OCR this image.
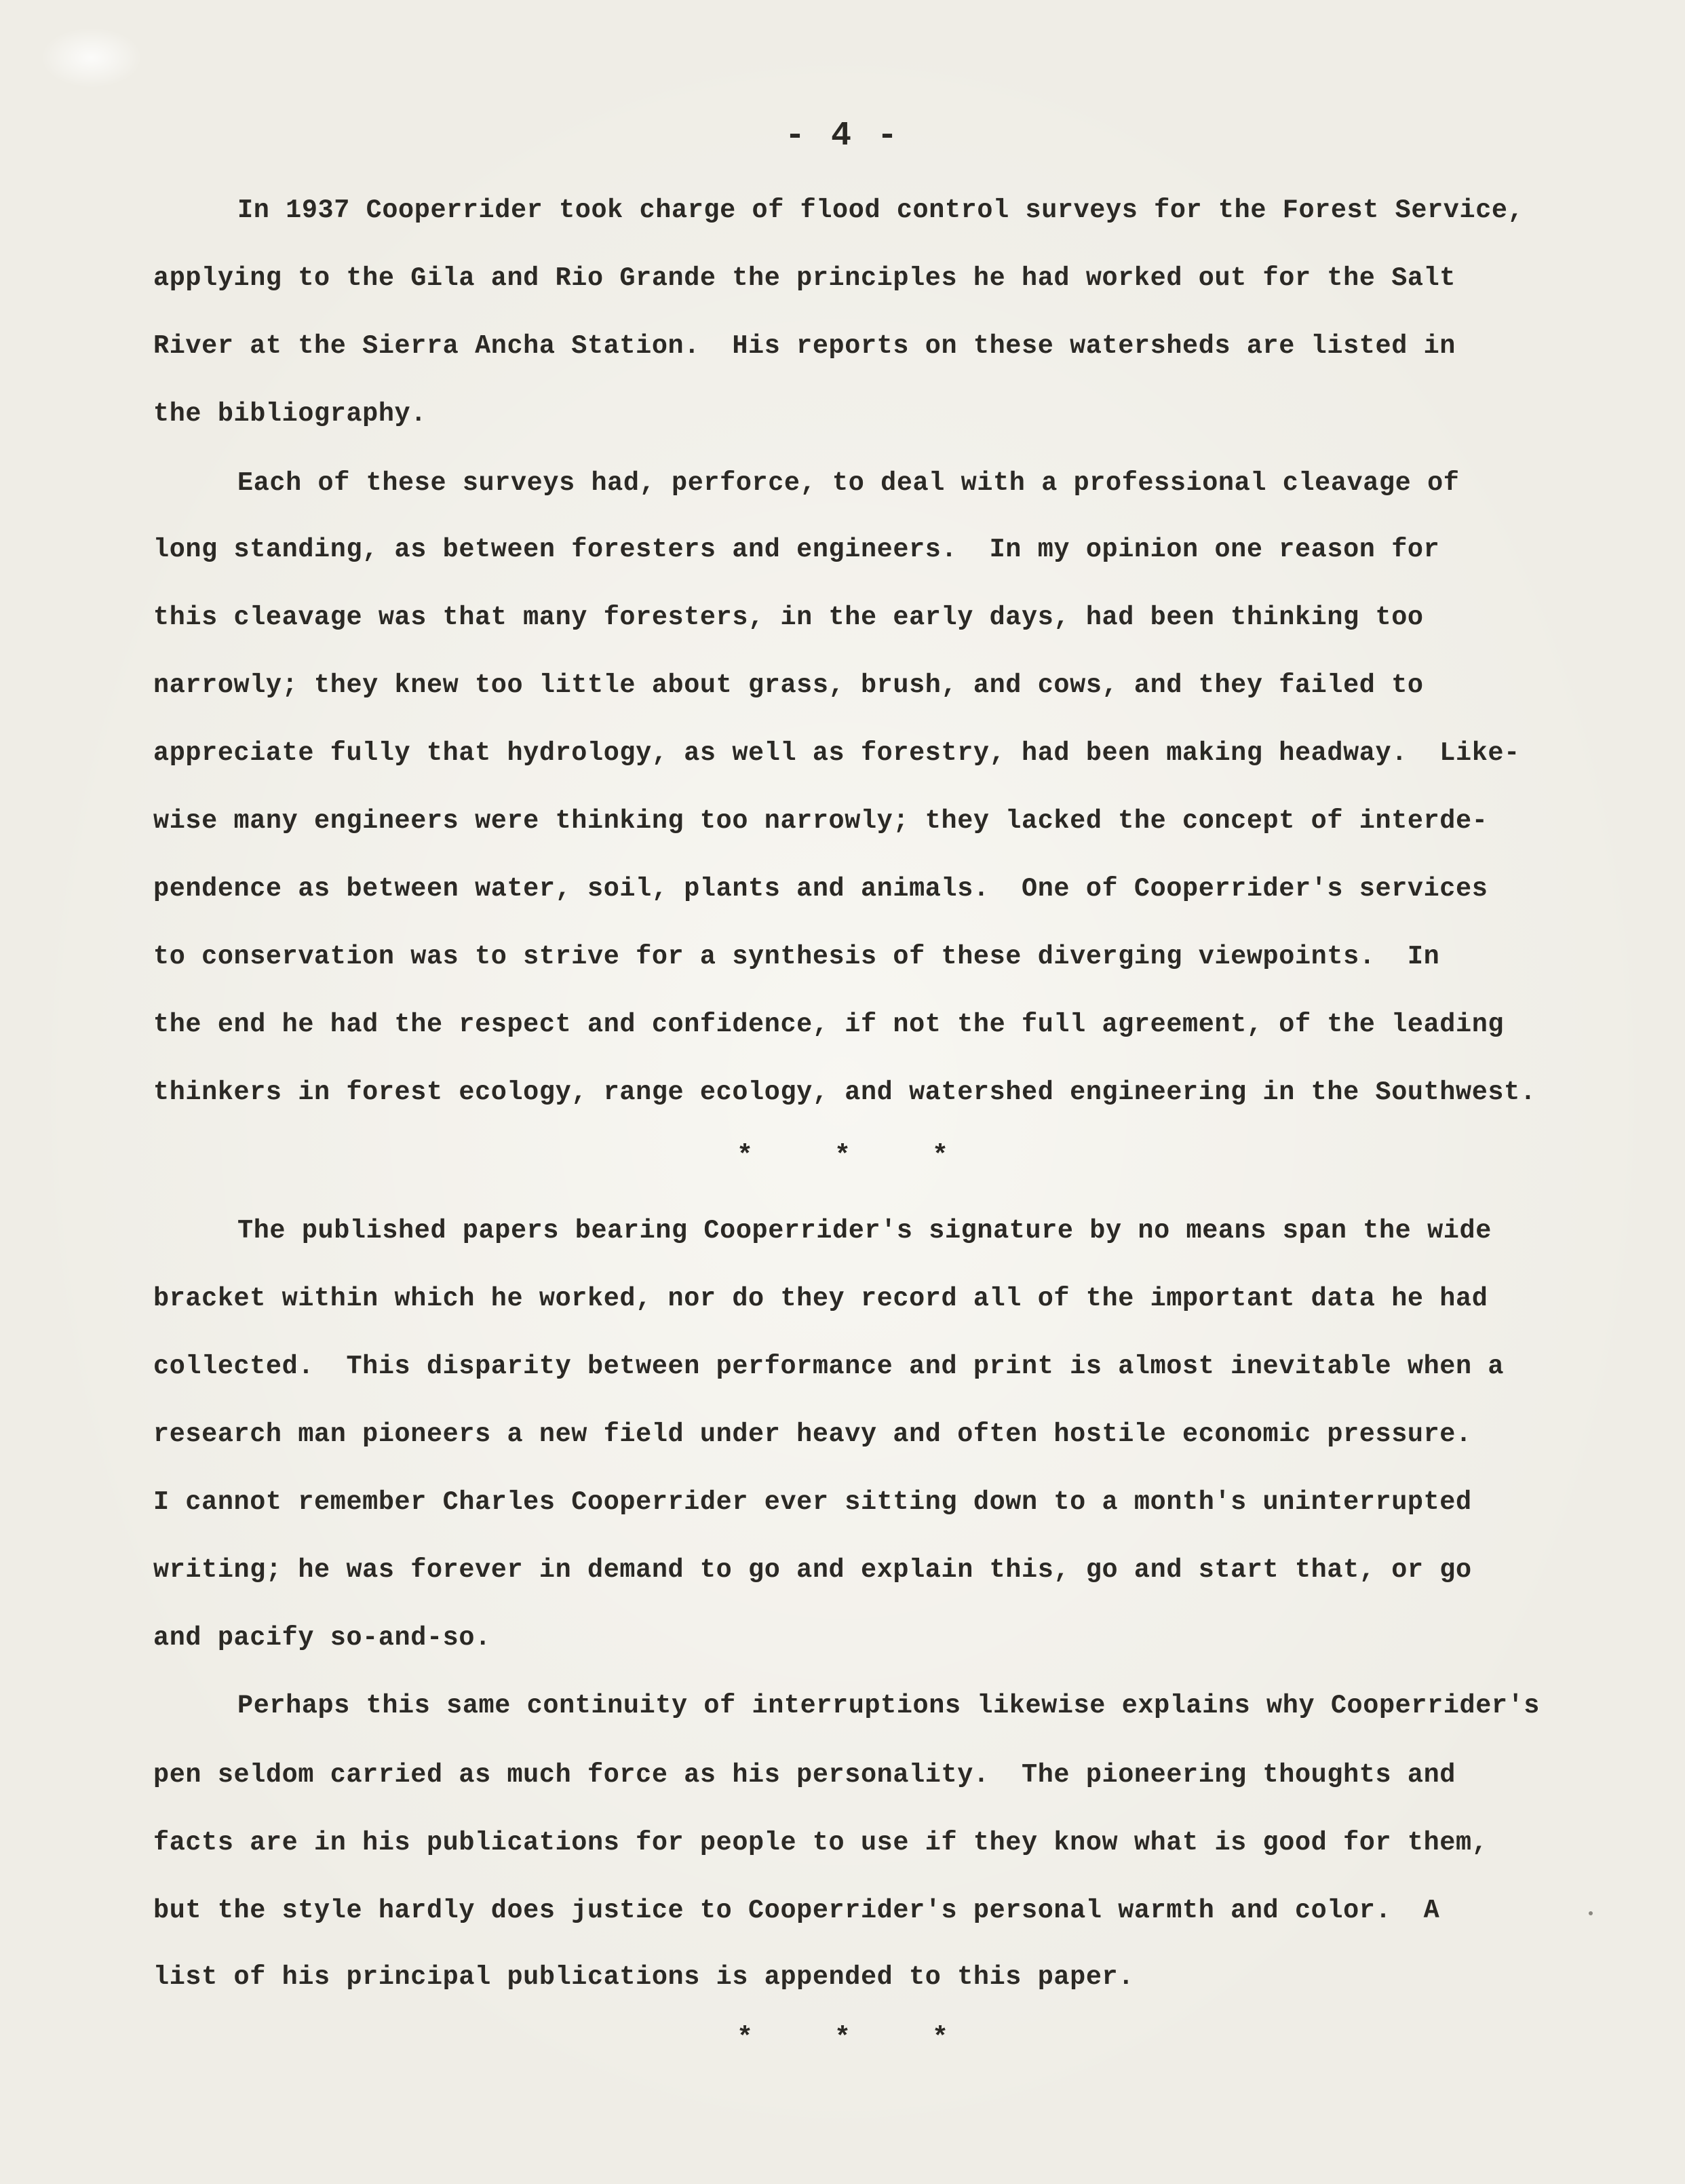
- 4 -

In 1937 Cooperrider took charge of flood control surveys for the Forest Service,

applying to the Gila and Rio Grande the principles he had worked out for the Salt

River at the Sierra Ancha Station.  His reports on these watersheds are listed in

the bibliography.

Each of these surveys had, perforce, to deal with a professional cleavage of

long standing, as between foresters and engineers.  In my opinion one reason for

this cleavage was that many foresters, in the early days, had been thinking too

narrowly; they knew too little about grass, brush, and cows, and they failed to

appreciate fully that hydrology, as well as forestry, had been making headway.  Like-

wise many engineers were thinking too narrowly; they lacked the concept of interde-

pendence as between water, soil, plants and animals.  One of Cooperrider's services

to conservation was to strive for a synthesis of these diverging viewpoints.  In

the end he had the respect and confidence, if not the full agreement, of the leading

thinkers in forest ecology, range ecology, and watershed engineering in the Southwest.

* * *

The published papers bearing Cooperrider's signature by no means span the wide

bracket within which he worked, nor do they record all of the important data he had

collected.  This disparity between performance and print is almost inevitable when a

research man pioneers a new field under heavy and often hostile economic pressure.

I cannot remember Charles Cooperrider ever sitting down to a month's uninterrupted

writing; he was forever in demand to go and explain this, go and start that, or go

and pacify so-and-so.

Perhaps this same continuity of interruptions likewise explains why Cooperrider's

pen seldom carried as much force as his personality.  The pioneering thoughts and

facts are in his publications for people to use if they know what is good for them,

but the style hardly does justice to Cooperrider's personal warmth and color.  A

list of his principal publications is appended to this paper.

* * *
